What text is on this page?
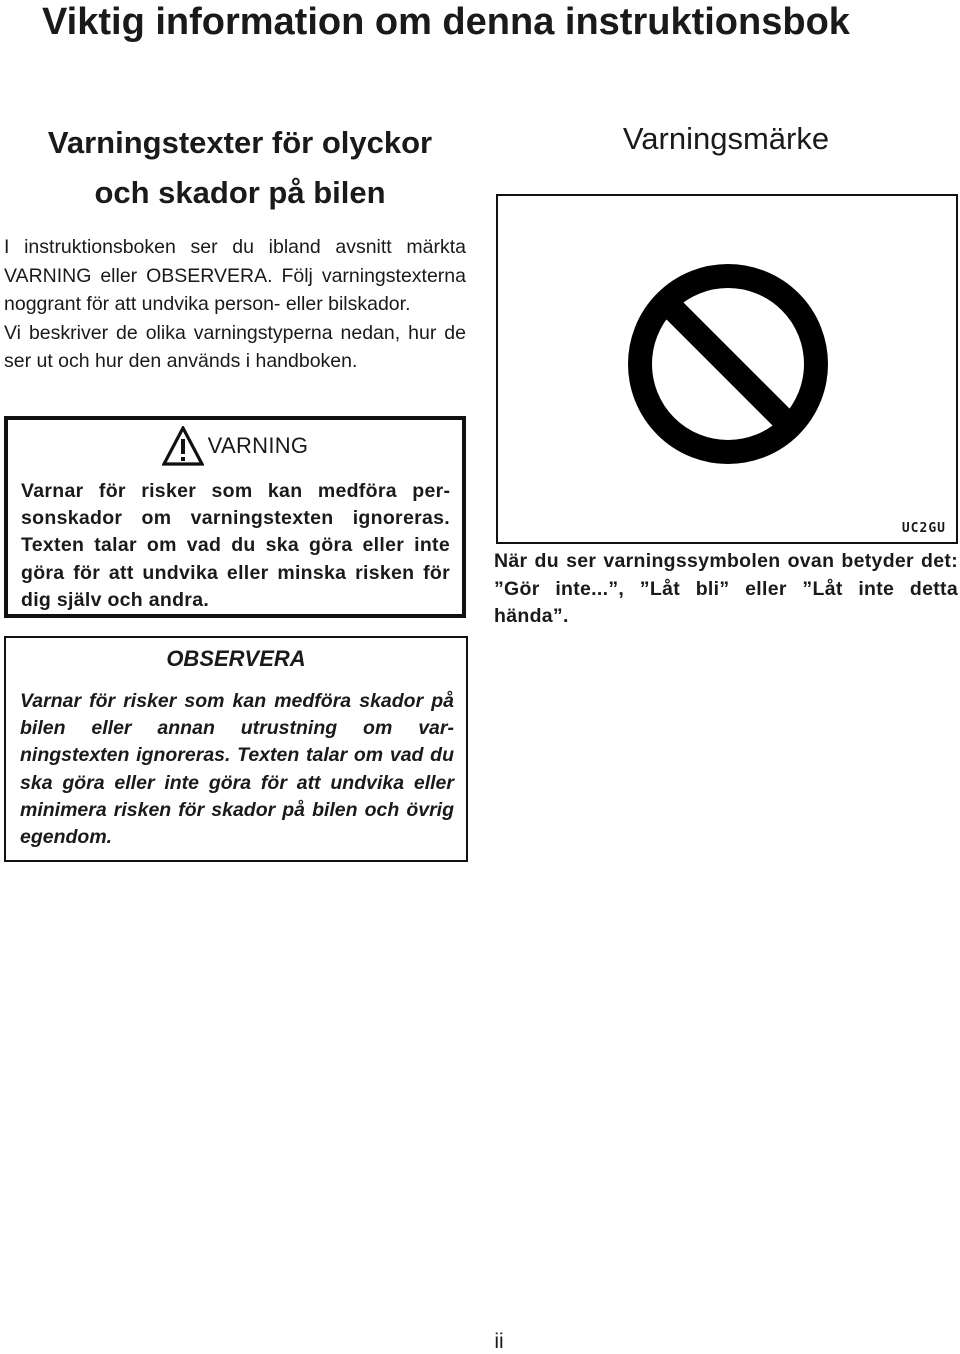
Viktig information om denna instruktionsbok
Varningstexter för olyckor
och skador på bilen

I instruktionsboken ser du ibland avsnitt märkta VARNING eller OBSERVERA. Följ varningstexterna noggrant för att undvika person- eller bilskador.

Vi beskriver de olika varningstyperna nedan, hur de ser ut och hur den används i handboken.

VARNING

Varnar för risker som kan medföra personskador om varningstexten ignoreras. Texten talar om vad du ska göra eller inte göra för att undvika eller minska risken för dig själv och andra.

OBSERVERA

Varnar för risker som kan medföra skador på bilen eller annan utrustning om varningstexten ignoreras. Texten talar om vad du ska göra eller inte göra för att undvika eller minimera risken för skador på bilen och övrig egendom.

Varningsmärke
UC2GU

När du ser varningssymbolen ovan betyder det: ”Gör inte...”, ”Låt bli” eller ”Låt inte detta hända”.

ii
